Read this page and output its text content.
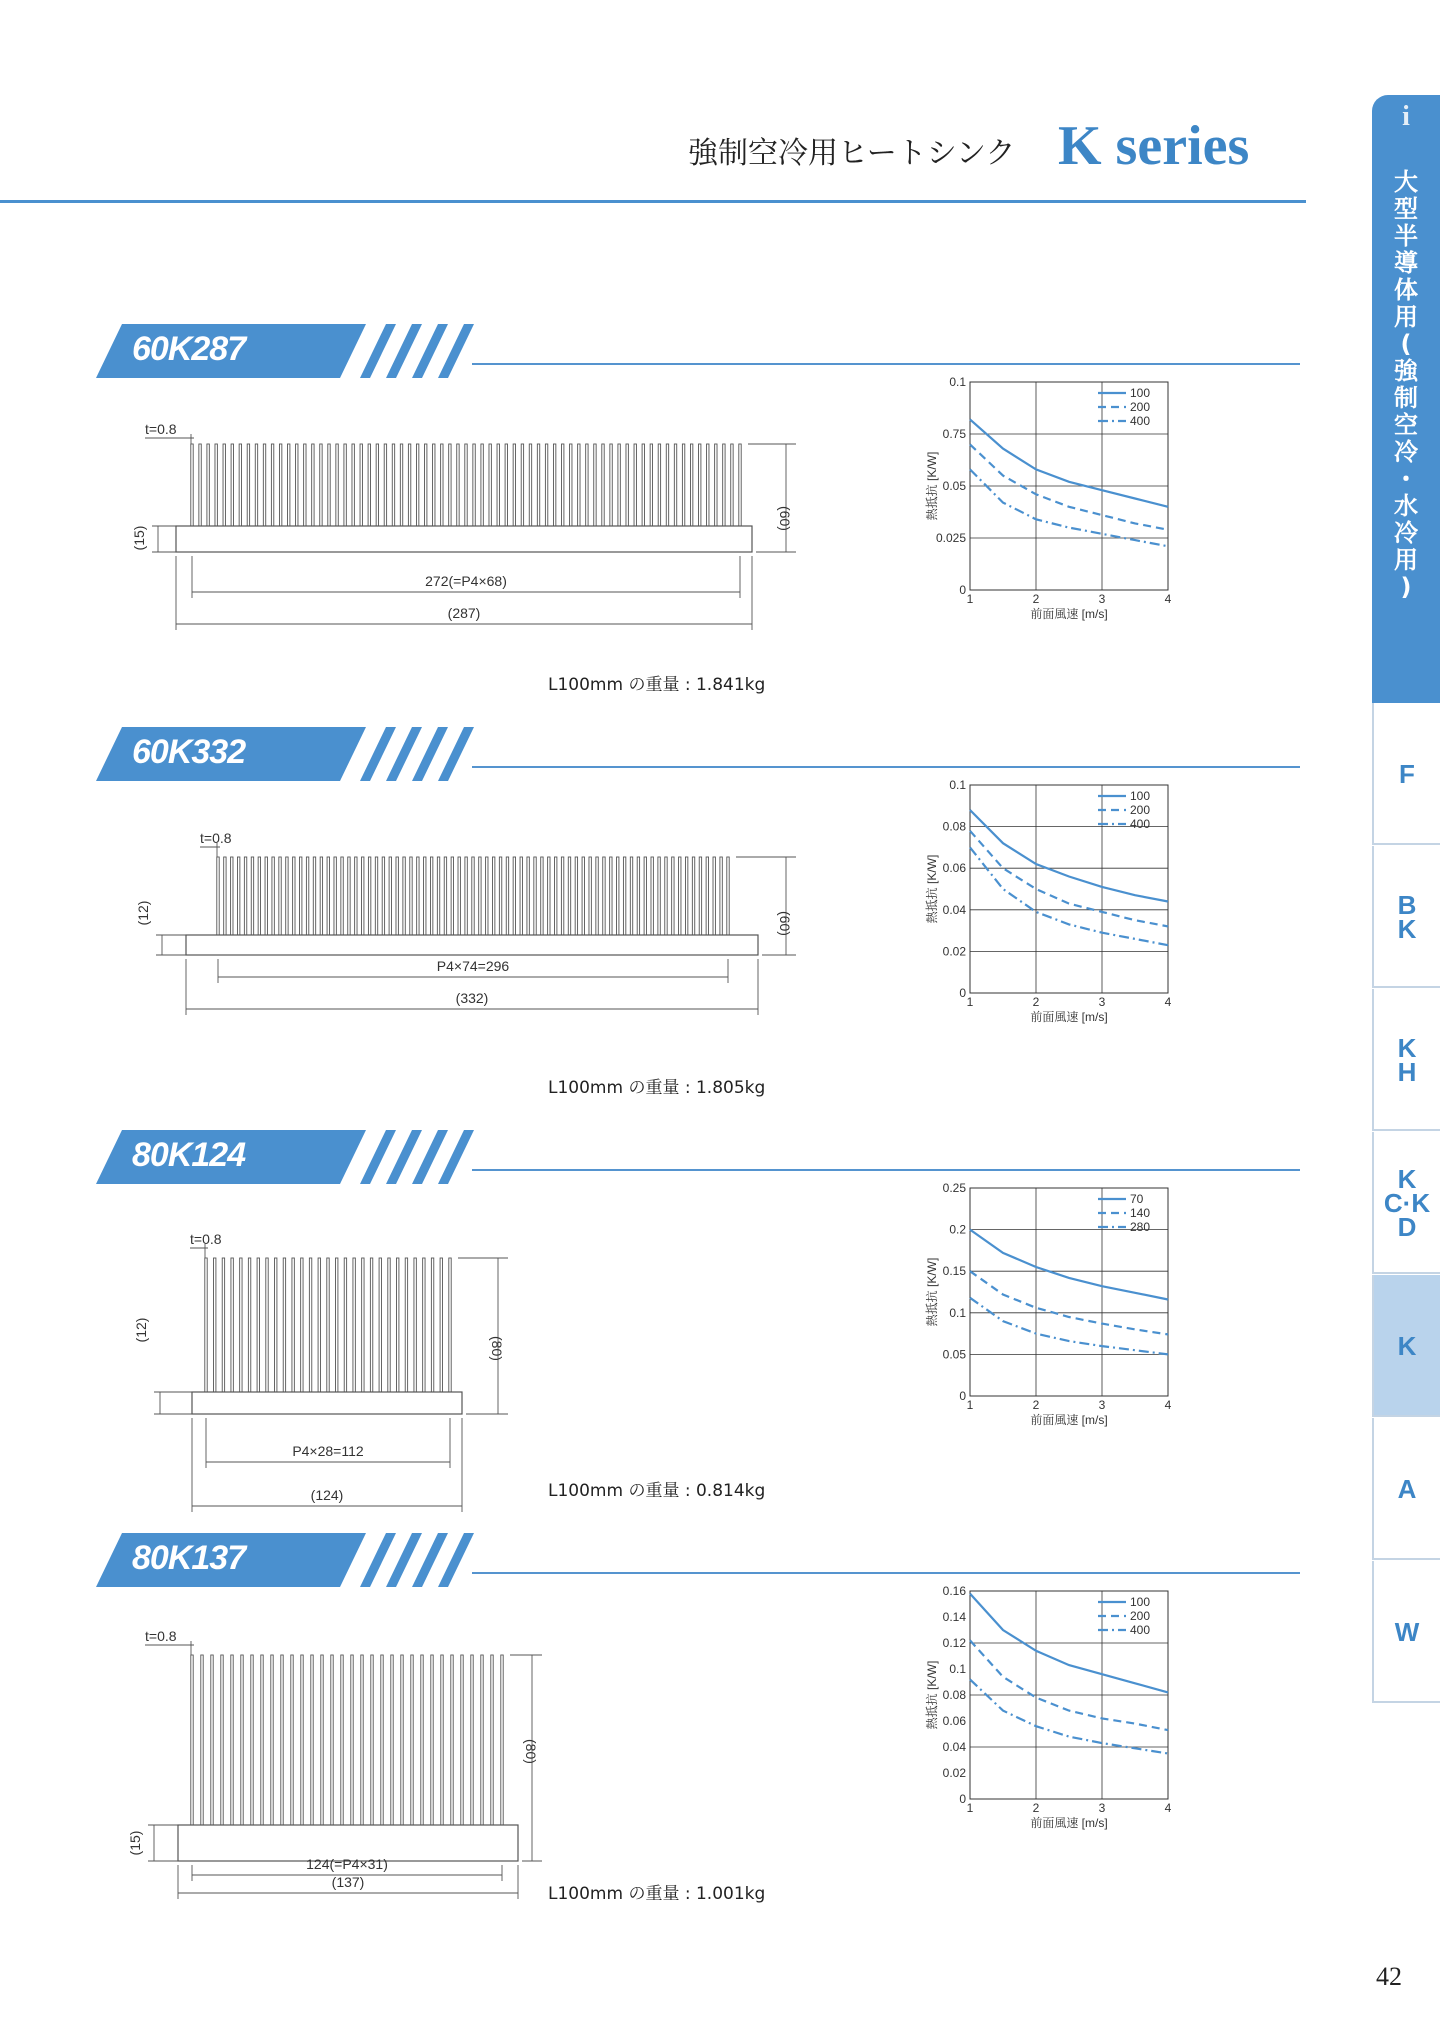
強制空冷用ヒートシンク K series	i
大
型
半
導
体
用
(
強
制
空
冷
・
水
冷
用
)
F
B
K
K
H
K
C·K
D
K
A
W
60K287
t=0.8
(60)
(15)
272(=P4×68)
(287)
L100mm の重量 : 1.841kg
1	2	3	4
0
0.025
0.05
0.75
0.1
前面風速 [m/s]
熱抵抗 [K/W]
100
200
400
60K332
t=0.8
(60)
(12)
P4×74=296
(332)
L100mm の重量 : 1.805kg
1	2	3	4
0
0.02
0.04
0.06
0.08
0.1
前面風速 [m/s]
熱抵抗 [K/W]
100
200
400
80K124
t=0.8
(80)
(12)
P4×28=112
(124)	L100mm の重量 : 0.814kg
1	2	3	4
0
0.05
0.1
0.15
0.2
0.25
前面風速 [m/s]
熱抵抗 [K/W]
70
140
280
80K137
t=0.8
(80)
(15)
124(=P4×31)
(137)
L100mm の重量 : 1.001kg
1	2	3	4
0
0.02
0.04
0.06
0.08
0.1
0.12
0.14
0.16
前面風速 [m/s]
熱抵抗 [K/W]
100
200
400
42
